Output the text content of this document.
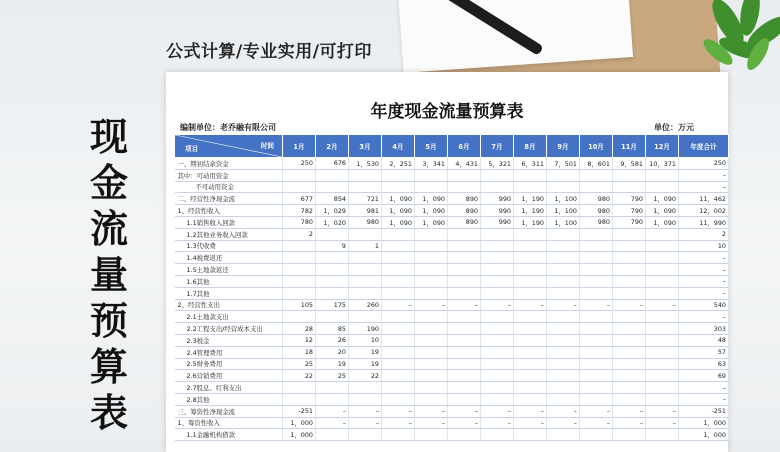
公式计算/专业实用/可打印
现
金
流
量
预
算
表
年度现金流量预算表
编制单位：老乔融有限公司	单位：万元
时间
项目	1月	2月	3月	4月	5月	6月	7月	8月	9月	10月	11月	12月	年度合计
一、期初结余资金	250	676	1，530	2，251	3，341	4，431	5，321	6，311	7，501	8，601	9，581	10，371	250
其中：可动用资金													–
不可动用资金													–
二、经营性净现金流	677	854	721	1，090	1，090	890	990	1，190	1，100	980	790	1，090	11，462
1、经营性收入	782	1，029	981	1，090	1，090	890	990	1，190	1，100	980	790	1，090	12，002
1.1销售收入回款	780	1，020	980	1，090	1，090	890	990	1，190	1，100	980	790	1，090	11，990
1.2其他业务收入回款	2												2
1.3代收费		9	1										10
1.4税费返还													–
1.5土地款返还													–
1.6其他													–
1.7其他													–
2、经营性支出	105	175	260	–	–	–	–	–	–	–	–	–	540
2.1土地款支出													–
2.2工程支出/经营成本支出	28	85	190										303
2.3税金	12	26	10										48
2.4管理费用	18	20	19										57
2.5财务费用	25	19	19										63
2.6营销费用	22	25	22										69
2.7股息、红利支出													–
2.8其他													–
三、筹资性净现金流	-251	–	–	–	–	–	–	–	–	–	–	–	-251
1、筹资性收入	1，000	–	–	–	–	–	–	–	–	–	–	–	1，000
1.1金融机构借款	1，000												1，000
